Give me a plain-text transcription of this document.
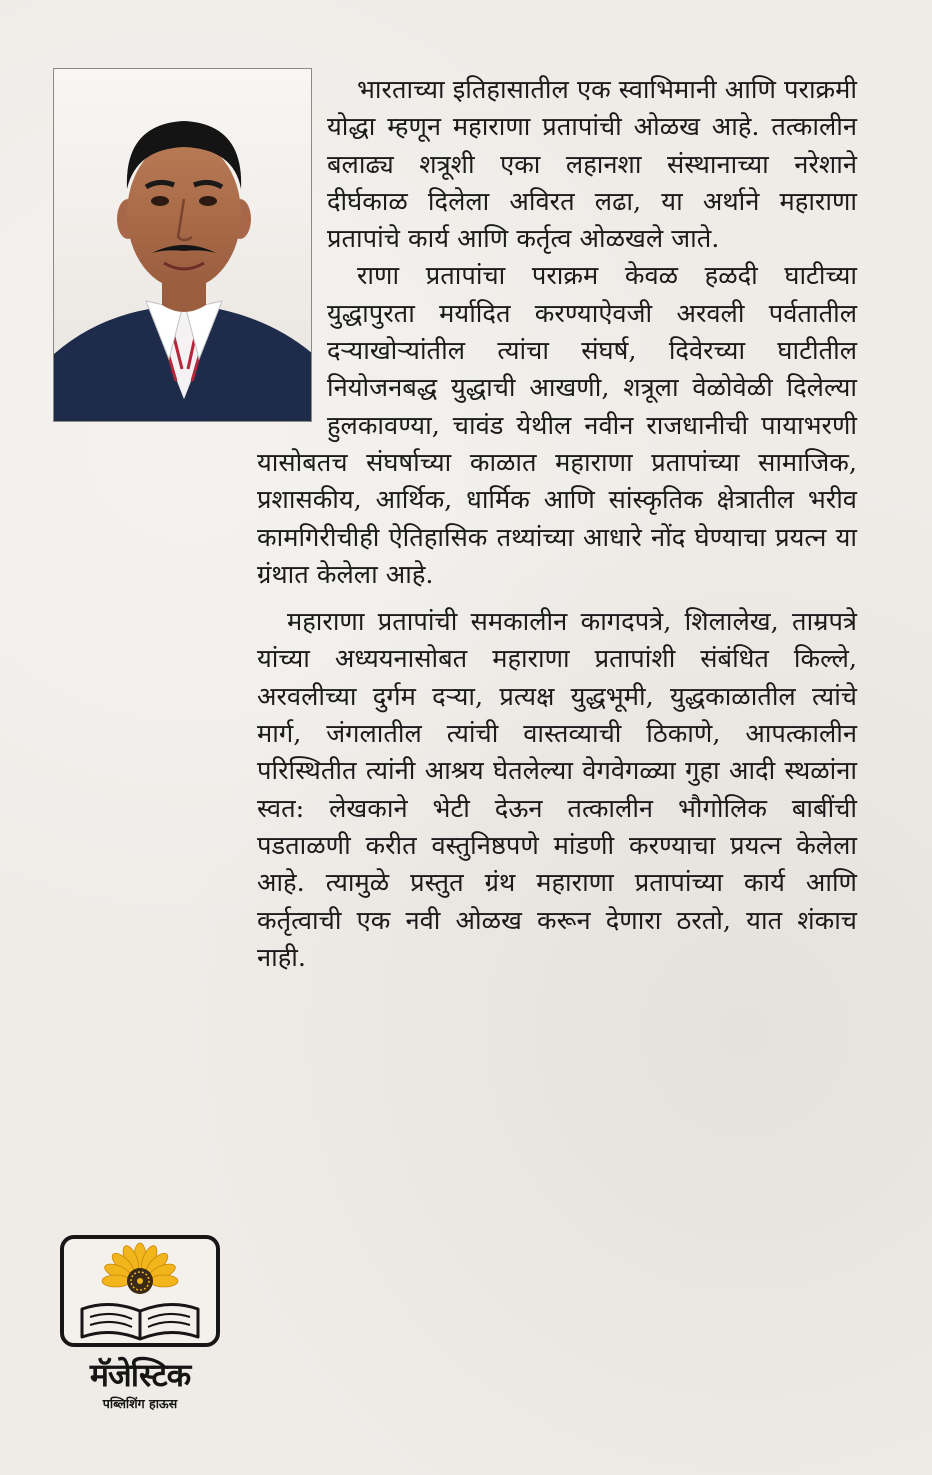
भारताच्या इतिहासातील एक स्वाभिमानी आणि पराक्रमी योद्धा म्हणून महाराणा प्रतापांची ओळख आहे. तत्कालीन बलाढ्य शत्रूशी एका लहानशा संस्थानाच्या नरेशाने दीर्घकाळ दिलेला अविरत लढा, या अर्थाने महाराणा प्रतापांचे कार्य आणि कर्तृत्व ओळखले जाते.

राणा प्रतापांचा पराक्रम केवळ हळदी घाटीच्या युद्धापुरता मर्यादित करण्याऐवजी अरवली पर्वतातील दऱ्याखोऱ्यांतील त्यांचा संघर्ष, दिवेरच्या घाटीतील नियोजनबद्ध युद्धाची आखणी, शत्रूला वेळोवेळी दिलेल्या हुलकावण्या, चावंड येथील नवीन राजधानीची पायाभरणी यासोबतच संघर्षाच्या काळात महाराणा प्रतापांच्या सामाजिक, प्रशासकीय, आर्थिक, धार्मिक आणि सांस्कृतिक क्षेत्रातील भरीव कामगिरीचीही ऐतिहासिक तथ्यांच्या आधारे नोंद घेण्याचा प्रयत्न या ग्रंथात केलेला आहे.

महाराणा प्रतापांची समकालीन कागदपत्रे, शिलालेख, ताम्रपत्रे यांच्या अध्ययनासोबत महाराणा प्रतापांशी संबंधित किल्ले, अरवलीच्या दुर्गम दऱ्या, प्रत्यक्ष युद्धभूमी, युद्धकाळातील त्यांचे मार्ग, जंगलातील त्यांची वास्तव्याची ठिकाणे, आपत्कालीन परिस्थितीत त्यांनी आश्रय घेतलेल्या वेगवेगळ्या गुहा आदी स्थळांना स्वत: लेखकाने भेटी देऊन तत्कालीन भौगोलिक बाबींची पडताळणी करीत वस्तुनिष्ठपणे मांडणी करण्याचा प्रयत्न केलेला आहे. त्यामुळे प्रस्तुत ग्रंथ महाराणा प्रतापांच्या कार्य आणि कर्तृत्वाची एक नवी ओळख करून देणारा ठरतो, यात शंकाच नाही.

मॅजेस्टिक
पब्लिशिंग हाऊस
